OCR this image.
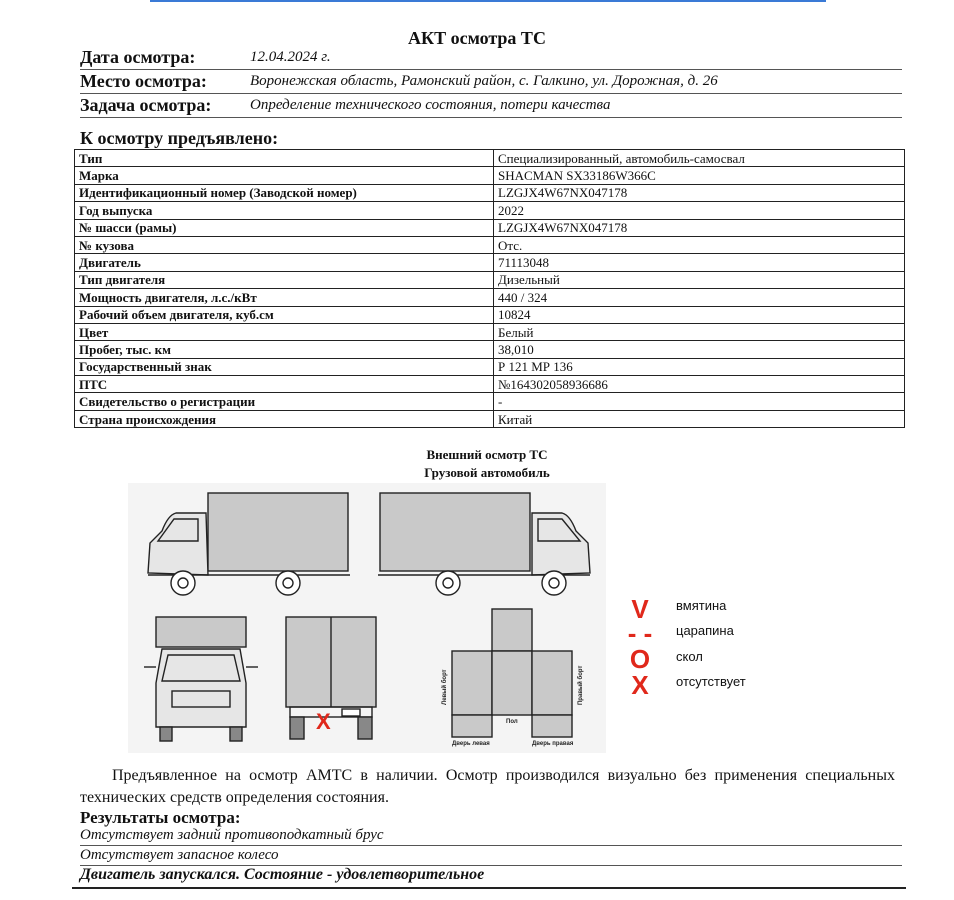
АКТ осмотра ТС
Дата осмотра:	12.04.2024 г.
Место осмотра:	Воронежская область, Рамонский район, с. Галкино, ул. Дорожная, д. 26
Задача осмотра:	Определение технического состояния, потери качества
К осмотру предъявлено:
Тип	Специализированный, автомобиль-самосвал
Марка	SHACMAN SX33186W366C
Идентификационный номер (Заводской номер)	LZGJX4W67NX047178
Год выпуска	2022
№ шасси (рамы)	LZGJX4W67NX047178
№ кузова	Отс.
Двигатель	71113048
Тип двигателя	Дизельный
Мощность двигателя, л.с./кВт	440 / 324
Рабочий объем двигателя, куб.см	10824
Цвет	Белый
Пробег, тыс. км	38,010
Государственный знак	Р 121 МР 136
ПТС	№164302058936686
Свидетельство о регистрации	-
Страна происхождения	Китай
Внешний осмотр ТС
Грузовой автомобиль
Левый борт	Правый борт
Пол
Дверь левая	Дверь правая
X
V	вмятина
- - царапина
O	скол
X	отсутствует
Предъявленное на осмотр АМТС в наличии. Осмотр производился визуально без применения специальных технических средств определения состояния.
Результаты осмотра:
Отсутствует задний противоподкатный брус
Отсутствует запасное колесо
Двигатель запускался. Состояние - удовлетворительное
